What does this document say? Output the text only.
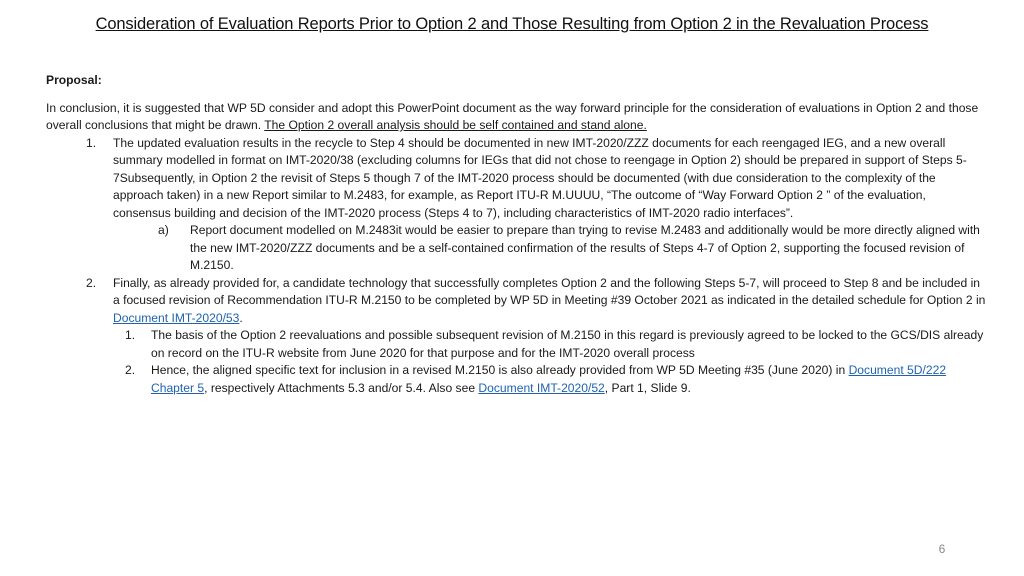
Consideration of Evaluation Reports Prior to Option 2 and Those Resulting from Option 2 in the Revaluation Process

Proposal:

In conclusion, it is suggested that WP 5D consider and adopt this PowerPoint document as the way forward principle for the consideration of evaluations in Option 2 and those overall conclusions that might be drawn. The Option 2 overall analysis should be self contained and stand alone.

1.	The updated evaluation results in the recycle to Step 4 should be documented in new IMT-2020/ZZZ documents for each reengaged IEG, and a new overall summary modelled in format on IMT-2020/38 (excluding columns for IEGs that did not chose to reengage in Option 2) should be prepared in support of Steps 5-7Subsequently, in Option 2 the revisit of Steps 5 though 7 of the IMT-2020 process should be documented (with due consideration to the complexity of the approach taken) in a new Report similar to M.2483, for example, as Report ITU-R M.UUUU, “The outcome of “Way Forward Option 2 ” of the evaluation, consensus building and decision of the IMT-2020 process (Steps 4 to 7), including characteristics of IMT-2020 radio interfaces”.
a)	Report document modelled on M.2483it would be easier to prepare than trying to revise M.2483 and additionally would be more directly aligned with the new IMT-2020/ZZZ documents and be a self-contained confirmation of the results of Steps 4-7 of Option 2, supporting the focused revision of M.2150.
2.	Finally, as already provided for, a candidate technology that successfully completes Option 2 and the following Steps 5-7, will proceed to Step 8 and be included in a focused revision of Recommendation ITU-R M.2150 to be completed by WP 5D in Meeting #39 October 2021 as indicated in the detailed schedule for Option 2 in Document IMT-2020/53.
1.	The basis of the Option 2 reevaluations and possible subsequent revision of M.2150 in this regard is previously agreed to be locked to the GCS/DIS already on record on the ITU-R website from June 2020 for that purpose and for the IMT-2020 overall process
2.	Hence, the aligned specific text for inclusion in a revised M.2150 is also already provided from WP 5D Meeting #35 (June 2020) in Document 5D/222 Chapter 5, respectively Attachments 5.3 and/or 5.4. Also see Document IMT-2020/52, Part 1, Slide 9.
6
